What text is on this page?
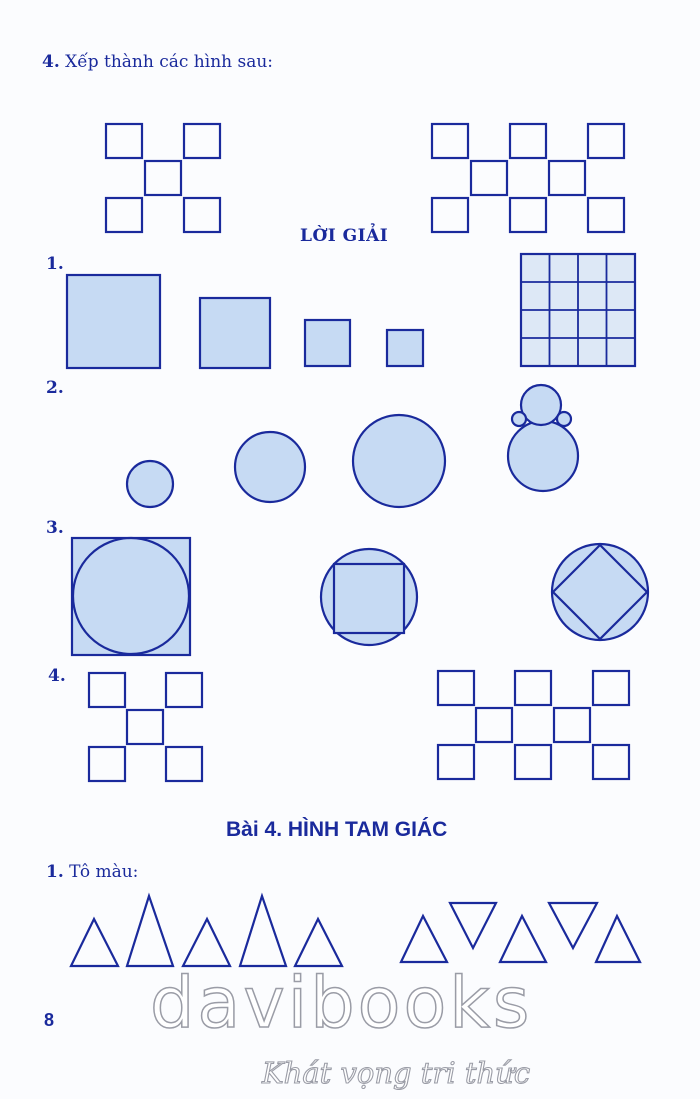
4. Xếp thành các hình sau:
LỜI GIẢI
1.
2.
3.
4.
Bài 4. HÌNH TAM GIÁC
1. Tô màu:
8 davibooks
Khát vọng tri thức
